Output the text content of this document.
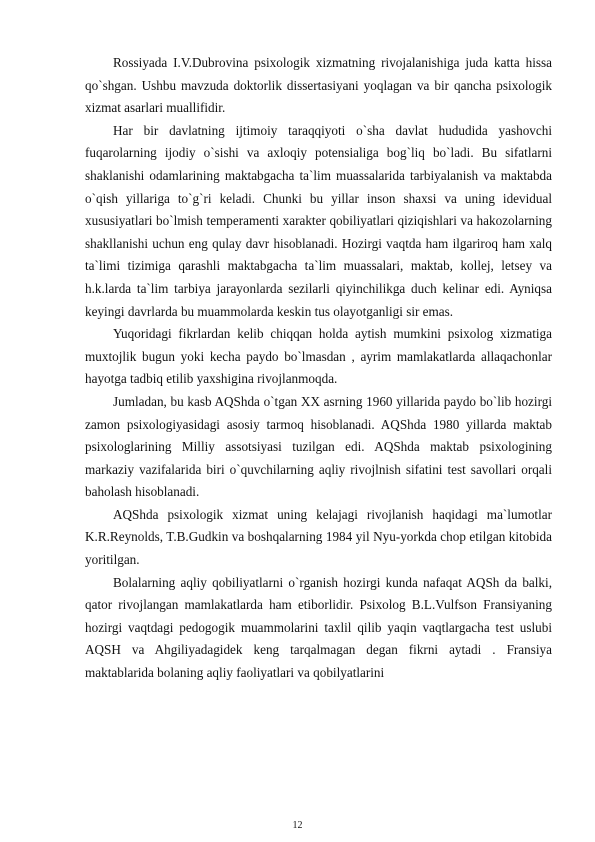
Rossiyada I.V.Dubrovina psixologik xizmatning rivojalanishiga juda katta hissa qo`shgan. Ushbu mavzuda doktorlik dissertasiyani yoqlagan va bir qancha psixologik xizmat asarlari muallifidir.

Har bir davlatning ijtimoiy taraqqiyoti o`sha davlat hududida yashovchi fuqarolarning ijodiy o`sishi va axloqiy potensialiga bog`liq bo`ladi. Bu sifatlarni shaklanishi odamlarining maktabgacha ta`lim muassalarida tarbiyalanish va maktabda o`qish yillariga to`g`ri keladi. Chunki bu yillar inson shaxsi va uning idevidual xususiyatlari bo`lmish temperamenti xarakter qobiliyatlari qiziqishlari va hakozolarning shakllanishi uchun eng qulay davr hisoblanadi. Hozirgi vaqtda ham ilgariroq ham xalq ta`limi tizimiga qarashli maktabgacha ta`lim muassalari, maktab, kollej, letsey va h.k.larda ta`lim tarbiya jarayonlarda sezilarli qiyinchilikga duch kelinar edi. Ayniqsa keyingi davrlarda bu muammolarda keskin tus olayotganligi sir emas.

Yuqoridagi fikrlardan kelib chiqqan holda aytish mumkini psixolog xizmatiga muxtojlik bugun yoki kecha paydo bo`lmasdan , ayrim mamlakatlarda allaqachonlar hayotga tadbiq etilib yaxshigina rivojlanmoqda.

Jumladan, bu kasb AQShda o`tgan XX asrning 1960 yillarida paydo bo`lib hozirgi zamon psixologiyasidagi asosiy tarmoq hisoblanadi. AQShda 1980 yillarda maktab psixologlarining Milliy assotsiyasi tuzilgan edi. AQShda maktab psixologining markaziy vazifalarida biri o`quvchilarning aqliy rivojlnish sifatini test savollari orqali baholash hisoblanadi.

AQShda psixologik xizmat uning kelajagi rivojlanish haqidagi ma`lumotlar K.R.Reynolds, T.B.Gudkin va boshqalarning 1984 yil Nyu-yorkda chop etilgan kitobida yoritilgan.

Bolalarning aqliy qobiliyatlarni o`rganish hozirgi kunda nafaqat AQSh da balki, qator rivojlangan mamlakatlarda ham etiborlidir. Psixolog B.L.Vulfson Fransiyaning hozirgi vaqtdagi pedogogik muammolarini taxlil qilib yaqin vaqtlargacha test uslubi AQSH va Ahgiliyadagidek keng tarqalmagan degan fikrni aytadi . Fransiya maktablarida bolaning aqliy faoliyatlari va qobilyatlarini

12
